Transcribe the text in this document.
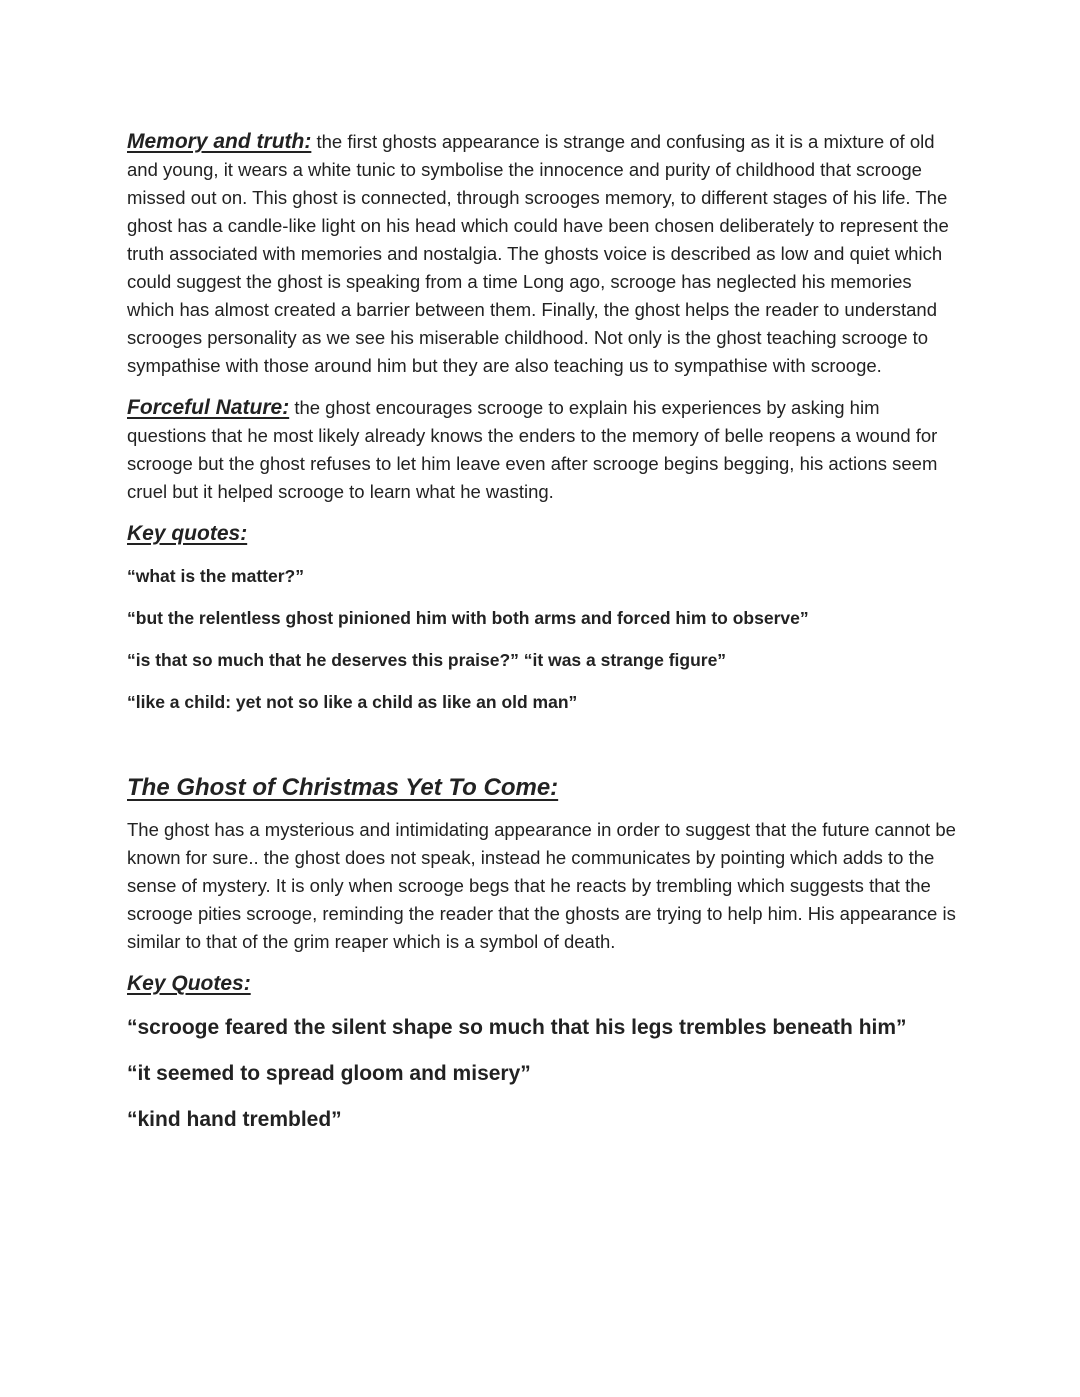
Memory and truth: the first ghosts appearance is strange and confusing as it is a mixture of old and young, it wears a white tunic to symbolise the innocence and purity of childhood that scrooge missed out on. This ghost is connected, through scrooges memory, to different stages of his life. The ghost has a candle-like light on his head which could have been chosen deliberately to represent the truth associated with memories and nostalgia. The ghosts voice is described as low and quiet which could suggest the ghost is speaking from a time Long ago, scrooge has neglected his memories which has almost created a barrier between them. Finally, the ghost helps the reader to understand scrooges personality as we see his miserable childhood. Not only is the ghost teaching scrooge to sympathise with those around him but they are also teaching us to sympathise with scrooge.

Forceful Nature: the ghost encourages scrooge to explain his experiences by asking him questions that he most likely already knows the enders to the memory of belle reopens a wound for scrooge but the ghost refuses to let him leave even after scrooge begins begging, his actions seem cruel but it helped scrooge to learn what he wasting.

Key quotes:
“what is the matter?”
“but the relentless ghost pinioned him with both arms and forced him to observe”
“is that so much that he deserves this praise?” “it was a strange figure”
“like a child: yet not so like a child as like an old man”
The Ghost of Christmas Yet To Come:

The ghost has a mysterious and intimidating appearance in order to suggest that the future cannot be known for sure.. the ghost does not speak, instead he communicates by pointing which adds to the sense of mystery. It is only when scrooge begs that he reacts by trembling which suggests that the scrooge pities scrooge, reminding the reader that the ghosts are trying to help him. His appearance is similar to that of the grim reaper which is a symbol of death.

Key Quotes:
“scrooge feared the silent shape so much that his legs trembles beneath him”
“it seemed to spread gloom and misery”
“kind hand trembled”
